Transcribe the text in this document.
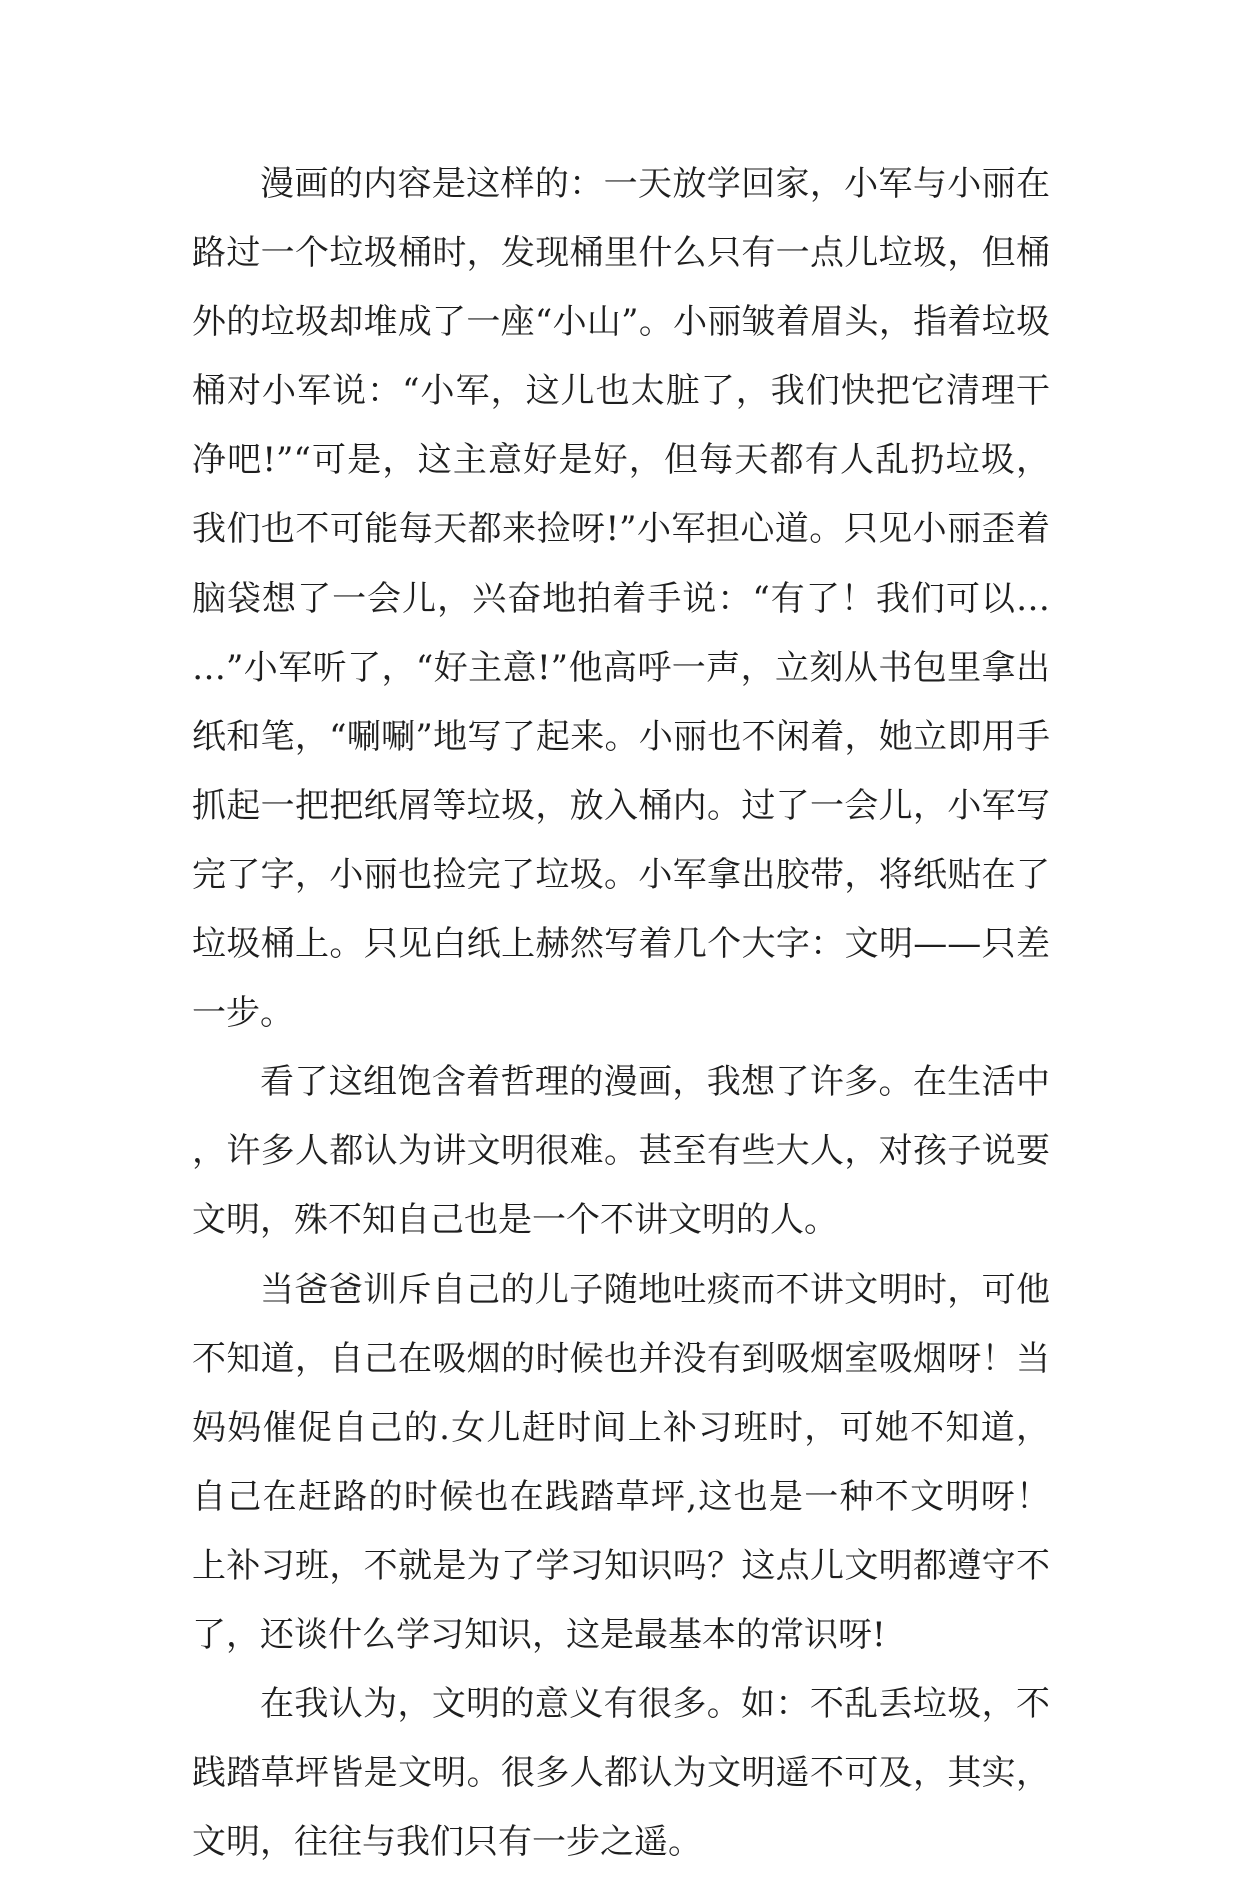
漫画的内容是这样的：一天放学回家，小军与小丽在路过一个垃圾桶时，发现桶里什么只有一点儿垃圾，但桶外的垃圾却堆成了一座“小山”。小丽皱着眉头，指着垃圾桶对小军说：“小军，这儿也太脏了，我们快把它清理干净吧!”“可是，这主意好是好，但每天都有人乱扔垃圾，我们也不可能每天都来捡呀!”小军担心道。只见小丽歪着脑袋想了一会儿，兴奋地拍着手说：“有了！我们可以……”小军听了，“好主意!”他高呼一声，立刻从书包里拿出纸和笔，“唰唰”地写了起来。小丽也不闲着，她立即用手抓起一把把纸屑等垃圾，放入桶内。过了一会儿，小军写完了字，小丽也捡完了垃圾。小军拿出胶带，将纸贴在了垃圾桶上。只见白纸上赫然写着几个大字：文明——只差一步。

看了这组饱含着哲理的漫画，我想了许多。在生活中，许多人都认为讲文明很难。甚至有些大人，对孩子说要文明，殊不知自己也是一个不讲文明的人。

当爸爸训斥自己的儿子随地吐痰而不讲文明时，可他不知道，自己在吸烟的时候也并没有到吸烟室吸烟呀！当妈妈催促自己的.女儿赶时间上补习班时，可她不知道，自己在赶路的时候也在践踏草坪,这也是一种不文明呀！上补习班，不就是为了学习知识吗？这点儿文明都遵守不了，还谈什么学习知识，这是最基本的常识呀!

在我认为，文明的意义有很多。如：不乱丢垃圾，不践踏草坪皆是文明。很多人都认为文明遥不可及，其实，文明，往往与我们只有一步之遥。
